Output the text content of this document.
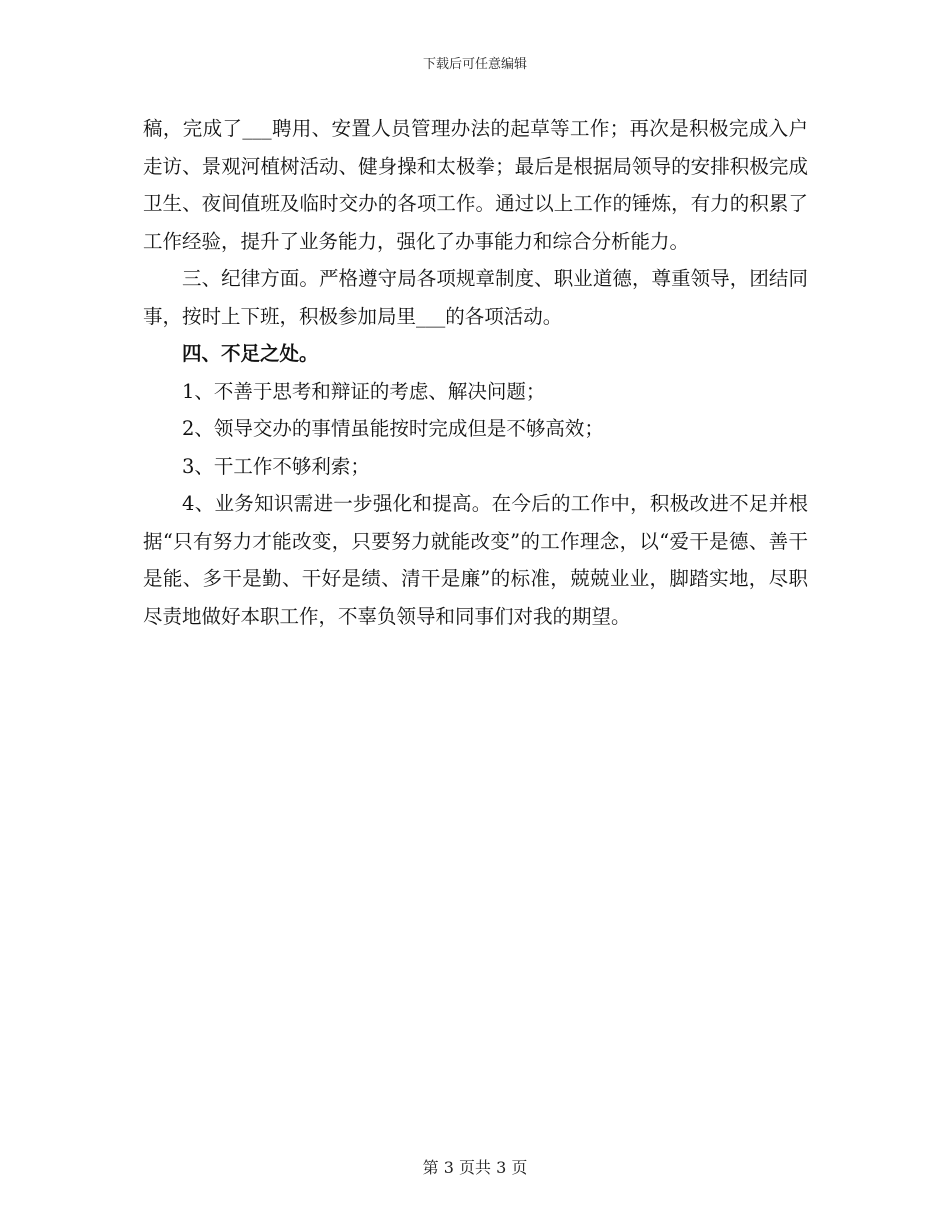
下载后可任意编辑

稿，完成了___聘用、安置人员管理办法的起草等工作；再次是积极完成入户走访、景观河植树活动、健身操和太极拳；最后是根据局领导的安排积极完成卫生、夜间值班及临时交办的各项工作。通过以上工作的锤炼，有力的积累了工作经验，提升了业务能力，强化了办事能力和综合分析能力。

三、纪律方面。严格遵守局各项规章制度、职业道德，尊重领导，团结同事，按时上下班，积极参加局里___的各项活动。

四、不足之处。

1、不善于思考和辩证的考虑、解决问题；

2、领导交办的事情虽能按时完成但是不够高效；

3、干工作不够利索；

4、业务知识需进一步强化和提高。在今后的工作中，积极改进不足并根据“只有努力才能改变，只要努力就能改变”的工作理念，以“爱干是德、善干是能、多干是勤、干好是绩、清干是廉”的标准，兢兢业业，脚踏实地，尽职尽责地做好本职工作，不辜负领导和同事们对我的期望。

第 3 页共 3 页
